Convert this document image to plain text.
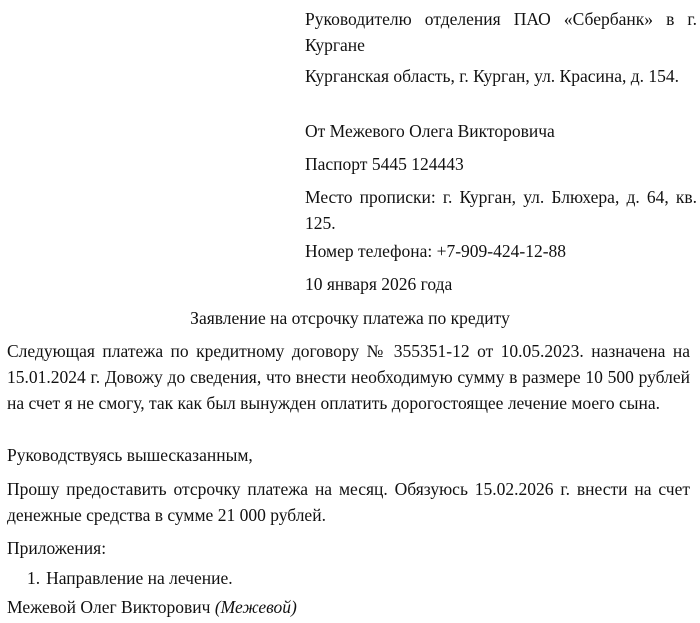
Руководителю отделения ПАО «Сбербанк» в г. Кургане

Курганская область, г. Курган, ул. Красина, д. 154.

От Межевого Олега Викторовича

Паспорт 5445 124443

Место прописки: г. Курган, ул. Блюхера, д. 64, кв. 125.

Номер телефона: +7-909-424-12-88

10 января 2026 года

Заявление на отсрочку платежа по кредиту

Следующая платежа по кредитному договору № 355351-12 от 10.05.2023. назначена на 15.01.2024 г. Довожу до сведения, что внести необходимую сумму в размере 10 500 рублей на счет я не смогу, так как был вынужден оплатить дорогостоящее лечение моего сына.

Руководствуясь вышесказанным,

Прошу предоставить отсрочку платежа на месяц. Обязуюсь 15.02.2026 г. внести на счет денежные средства в сумме 21 000 рублей.

Приложения:

1. Направление на лечение.

Межевой Олег Викторович (Межевой)
